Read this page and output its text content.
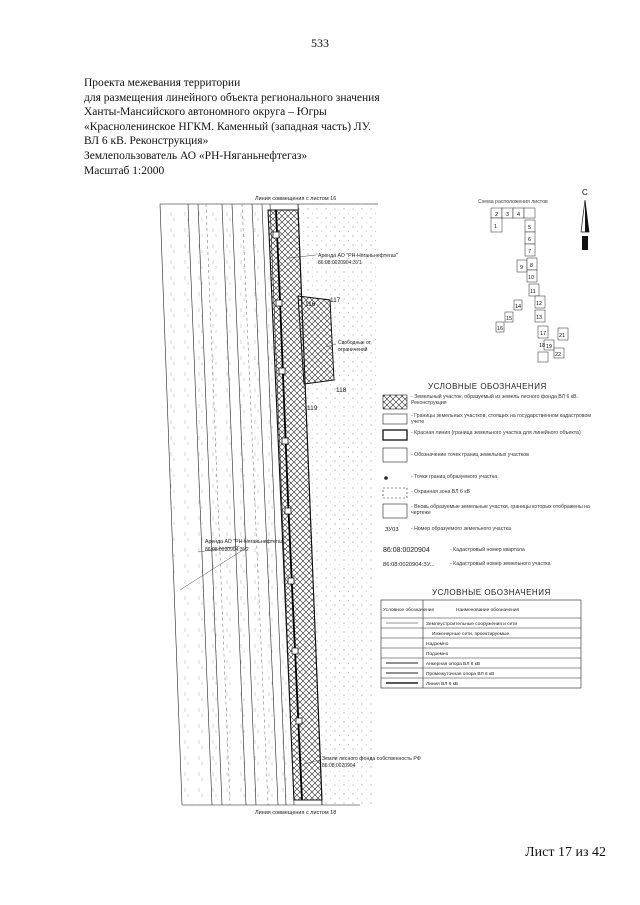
533
Проекта межевания территории
для размещения линейного объекта регионального значения
Ханты-Мансийского автономного округа – Югры
«Красноленинское НГКМ. Каменный (западная часть) ЛУ.
ВЛ 6 кВ. Реконструкция»
Землепользователь АО «РН-Няганьнефтегаз»
Масштаб 1:2000
116
117
118
119
Линия совмещения с листом 16
Линия совмещения с листом 18
Арендa АО "РН-Няганьнефтегаз"
86:08:0020904:ЗУ1
Аренда АО "РН-Няганьнефтегаз"
86:08:0020904:ЗУ2
Земли лесного фонда собственность РФ
86:08:0020904
Свободные от
ограничений
1
2 3 4
5
6
7
8
9
10
11
12
13
14
15
16
17
18 19
21
22
Схема расположения листов
С
УСЛОВНЫЕ ОБОЗНАЧЕНИЯ
ЗУ03
86:08:0020904
86:08:0020904:ЗУ...
УСЛОВНЫЕ ОБОЗНАЧЕНИЯ
Условное обозначение	Наименование обозначения
Землеустроительные сооружения и сети
Инженерные сети, проектируемые
Надземно
Подземно
Анкерная опора ВЛ 6 кВ
Промежуточная опора ВЛ 6 кВ
Линия ВЛ 6 кВ
- Земельный участок, образуемый из земель лесного фонда ВЛ 6 кВ. Реконструкция
- Границы земельных участков, стоящих на государственном кадастровом учете
- Красная линия (граница земельного участка для линейного объекта)
- Обозначение точек границ земельных участков
- Точки границ образуемого участка
- Охранная зона ВЛ 6 кВ
- Вновь образуемые земельные участки, границы которых отображены на чертеже
- Номер образуемого земельного участка
- Кадастровый номер квартала
- Кадастровый номер земельного участка
Лист 17 из 42
